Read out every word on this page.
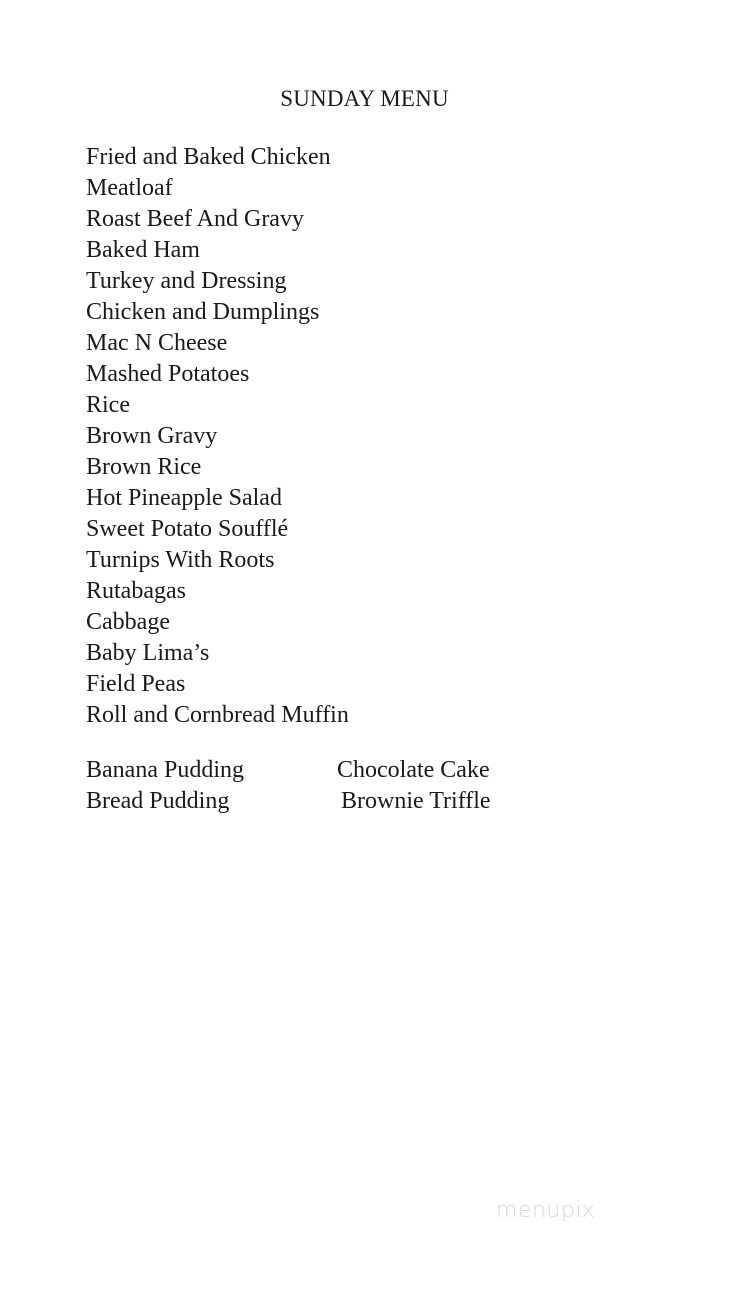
SUNDAY MENU
Fried and Baked Chicken
Meatloaf
Roast Beef And Gravy
Baked Ham
Turkey and Dressing
Chicken and Dumplings
Mac N Cheese
Mashed Potatoes
Rice
Brown Gravy
Brown Rice
Hot Pineapple Salad
Sweet Potato Soufflé
Turnips With Roots
Rutabagas
Cabbage
Baby Lima’s
Field Peas
Roll and Cornbread Muffin
Banana Pudding	Chocolate Cake
Bread Pudding	Brownie Triffle
menupix
